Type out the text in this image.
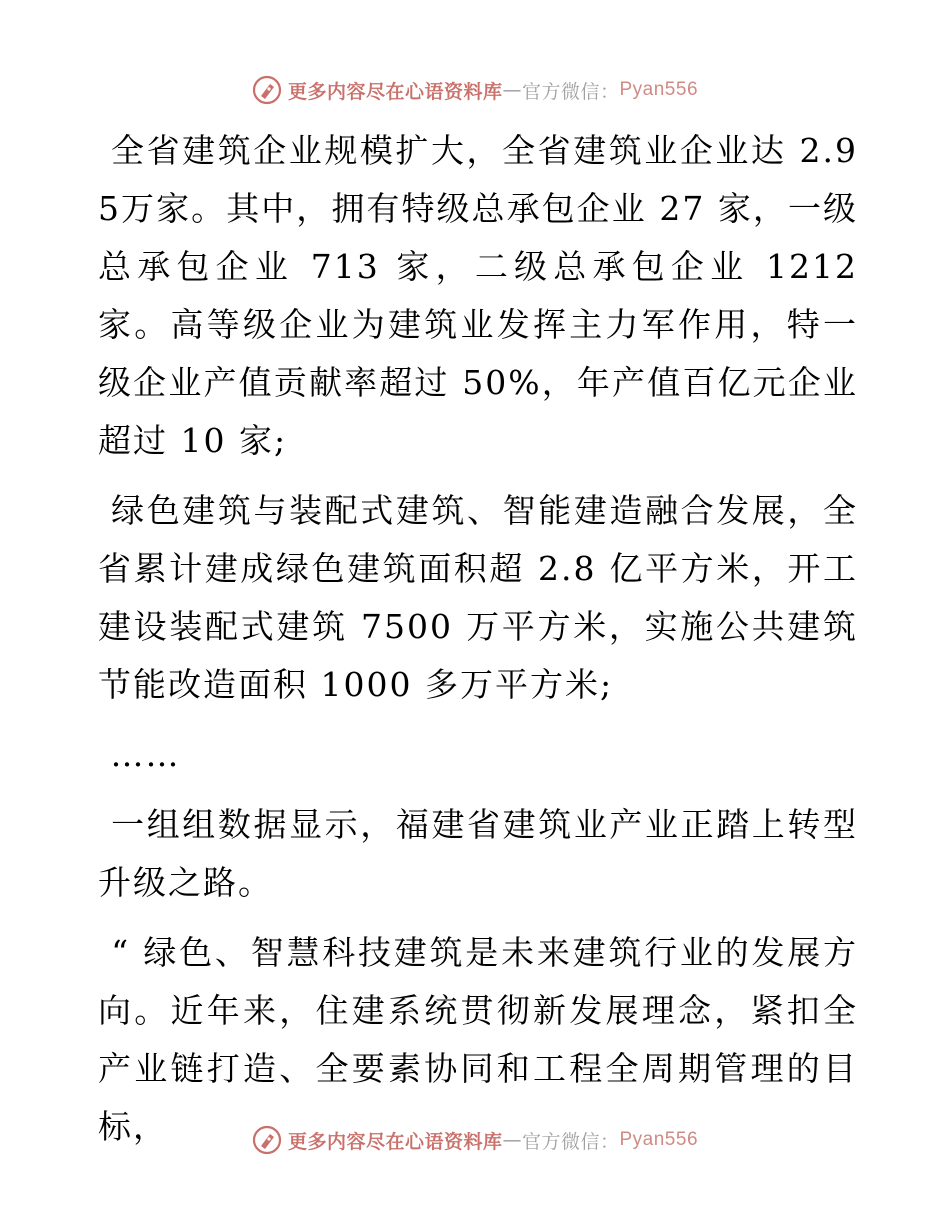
更多内容尽在心语资料库 — 官方微信： Pyan556

全省建筑企业规模扩大，全省建筑业企业达 2.95万家。其中，拥有特级总承包企业 27 家，一级总承包企业 713 家，二级总承包企业 1212 家。高等级企业为建筑业发挥主力军作用，特一级企业产值贡献率超过 50%，年产值百亿元企业超过 10 家;

绿色建筑与装配式建筑、智能建造融合发展，全省累计建成绿色建筑面积超 2.8 亿平方米，开工建设装配式建筑 7500 万平方米，实施公共建筑节能改造面积 1000 多万平方米;

……

一组组数据显示，福建省建筑业产业正踏上转型升级之路。

“ 绿色、智慧科技建筑是未来建筑行业的发展方向。近年来，住建系统贯彻新发展理念，紧扣全产业链打造、全要素协同和工程全周期管理的目标，	更多内容尽在心语资料库 — 官方微信： Pyan556
